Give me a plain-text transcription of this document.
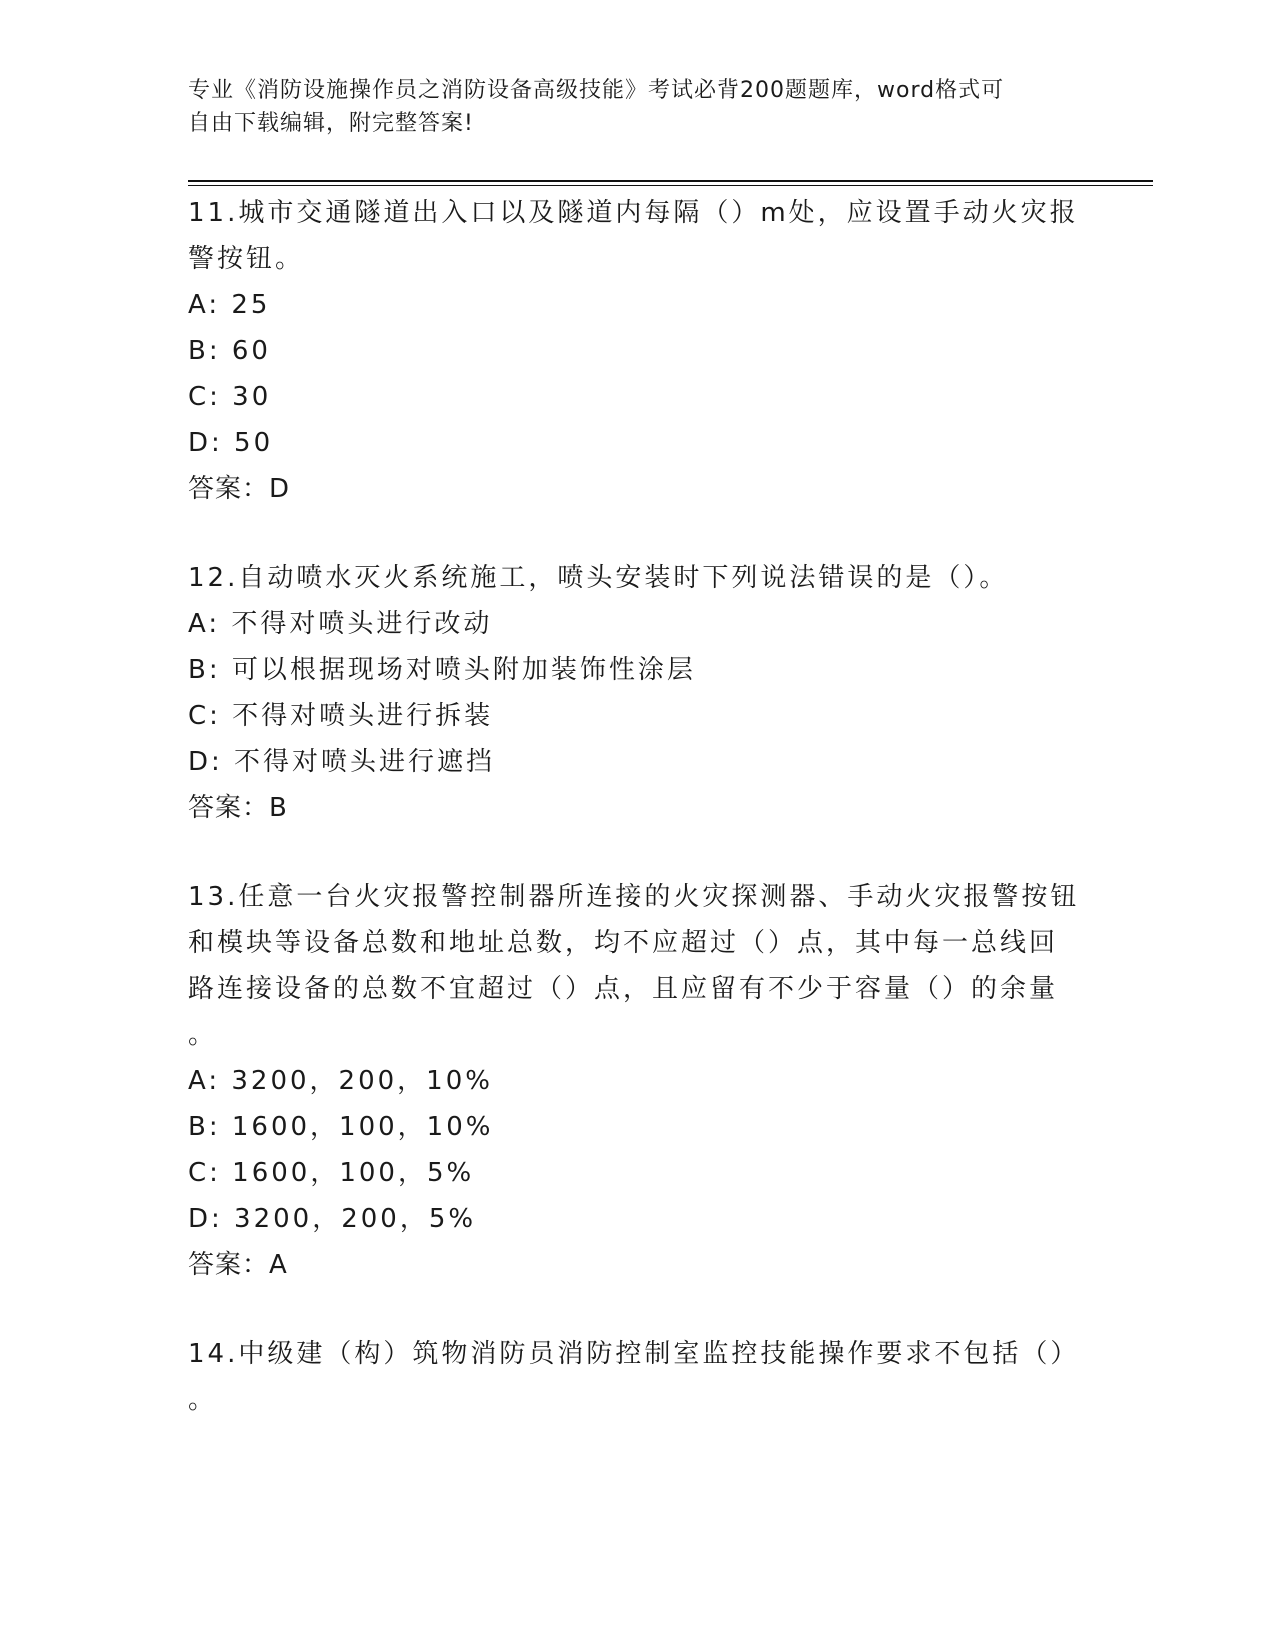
专业《消防设施操作员之消防设备高级技能》考试必背200题题库，word格式可
自由下载编辑，附完整答案!

11.城市交通隧道出入口以及隧道内每隔（）m处，应设置手动火灾报

警按钮。

A: 25

B: 60

C: 30

D: 50

答案：D

12.自动喷水灭火系统施工，喷头安装时下列说法错误的是（）。

A: 不得对喷头进行改动

B: 可以根据现场对喷头附加装饰性涂层

C: 不得对喷头进行拆装

D: 不得对喷头进行遮挡

答案：B

13.任意一台火灾报警控制器所连接的火灾探测器、手动火灾报警按钮

和模块等设备总数和地址总数，均不应超过（）点，其中每一总线回

路连接设备的总数不宜超过（）点，且应留有不少于容量（）的余量

。

A: 3200，200，10%

B: 1600，100，10%

C: 1600，100，5%

D: 3200，200，5%

答案：A

14.中级建（构）筑物消防员消防控制室监控技能操作要求不包括（）

。
